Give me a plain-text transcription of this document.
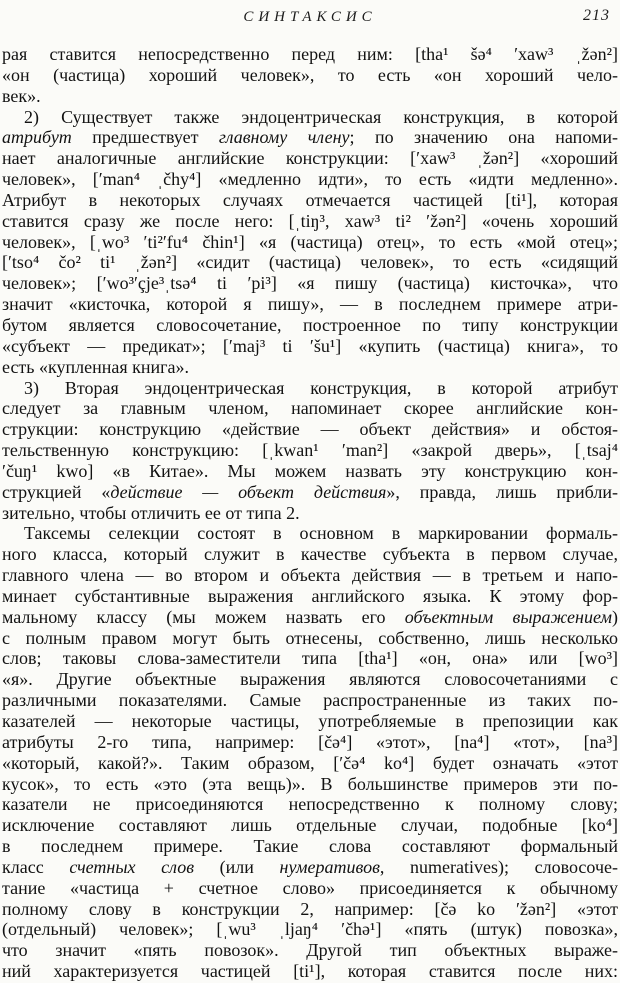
СИНТАКСИС	213
рая ставится непосредственно перед ним: [tha¹ šə⁴ ′xaw³ ˌžən²]
«он (частица) хороший человек», то есть «он хороший чело-
век».
2) Существует также эндоцентрическая конструкция, в которой
атрибут предшествует главному члену; по значению она напоми-
нает аналогичные английские конструкции: [′xaw³ ˌžən²] «хороший
человек», [′man⁴ ˌčhy⁴] «медленно идти», то есть «идти медленно».
Атрибут в некоторых случаях отмечается частицей [ti¹], которая
ставится сразу же после него: [ˌtiŋ³, xaw³ ti² ′žən²] «очень хороший
человек», [ˌwo³ ′ti²′fu⁴ čhin¹] «я (частица) отец», то есть «мой отец»;
[′tso⁴ čo² ti¹ ˌžən²] «сидит (частица) человек», то есть «сидящий
человек»; [′wo³′çje³ˌtsə⁴ ti ′pi³] «я пишу (частица) кисточка», что
значит «кисточка, которой я пишу», — в последнем примере атри-
бутом является словосочетание, построенное по типу конструкции
«субъект — предикат»; [′maj³ ti ′šu¹] «купить (частица) книга», то
есть «купленная книга».
3) Вторая эндоцентрическая конструкция, в которой атрибут
следует за главным членом, напоминает скорее английские кон-
струкции: конструкцию «действие — объект действия» и обстоя-
тельственную конструкцию: [ˌkwan¹ ′man²] «закрой дверь», [ˌtsaj⁴
′čuŋ¹ kwo] «в Китае». Мы можем назвать эту конструкцию кон-
струкцией «действие — объект действия», правда, лишь прибли-
зительно, чтобы отличить ее от типа 2.
Таксемы селекции состоят в основном в маркировании формаль-
ного класса, который служит в качестве субъекта в первом случае,
главного члена — во втором и объекта действия — в третьем и напо-
минает субстантивные выражения английского языка. К этому фор-
мальному классу (мы можем назвать его объектным выражением)
с полным правом могут быть отнесены, собственно, лишь несколько
слов; таковы слова-заместители типа [tha¹] «он, она» или [wo³]
«я». Другие объектные выражения являются словосочетаниями с
различными показателями. Самые распространенные из таких по-
казателей — некоторые частицы, употребляемые в препозиции как
атрибуты 2-го типа, например: [čə⁴] «этот», [na⁴] «тот», [na³]
«который, какой?». Таким образом, [′čə⁴ ko⁴] будет означать «этот
кусок», то есть «это (эта вещь)». В большинстве примеров эти по-
казатели не присоединяются непосредственно к полному слову;
исключение составляют лишь отдельные случаи, подобные [ko⁴]
в последнем примере. Такие слова составляют формальный
класс счетных слов (или нумеративов, numeratives); словосоче-
тание «частица + счетное слово» присоединяется к обычному
полному слову в конструкции 2, например: [čə ko ′žən²] «этот
(отдельный) человек»; [ˌwu³ ˌljaŋ⁴ ′čhə¹] «пять (штук) повозка»,
что значит «пять повозок». Другой тип объектных выраже-
ний характеризуется частицей [ti¹], которая ставится после них:
